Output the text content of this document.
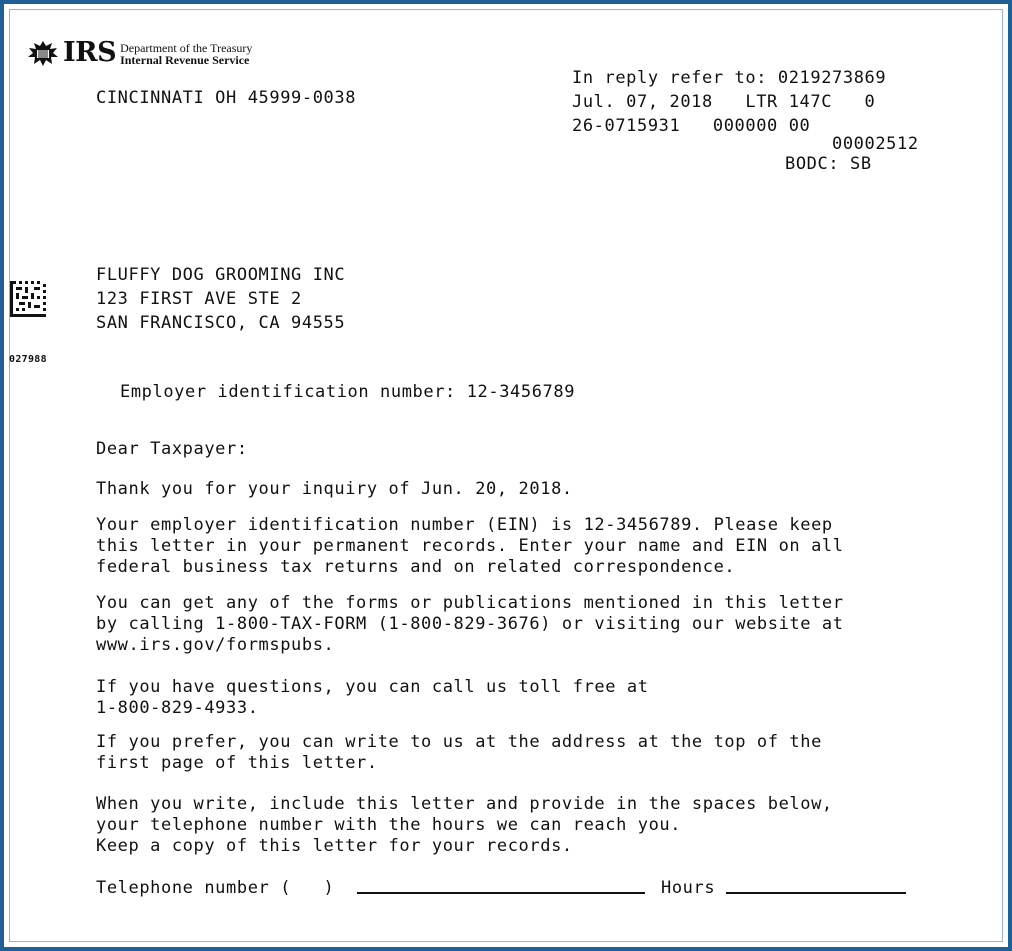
IRS Department of the Treasury
Internal Revenue Service
CINCINNATI OH 45999-0038
In reply refer to: 0219273869
Jul. 07, 2018   LTR 147C   0
26-0715931   000000 00
00002512
BODC: SB
027988
FLUFFY DOG GROOMING INC
123 FIRST AVE STE 2
SAN FRANCISCO, CA 94555
Employer identification number: 12-3456789
Dear Taxpayer:
Thank you for your inquiry of Jun. 20, 2018.
Your employer identification number (EIN) is 12-3456789. Please keep
this letter in your permanent records. Enter your name and EIN on all
federal business tax returns and on related correspondence.
You can get any of the forms or publications mentioned in this letter
by calling 1-800-TAX-FORM (1-800-829-3676) or visiting our website at
www.irs.gov/formspubs.
If you have questions, you can call us toll free at
1-800-829-4933.
If you prefer, you can write to us at the address at the top of the
first page of this letter.
When you write, include this letter and provide in the spaces below,
your telephone number with the hours we can reach you.
Keep a copy of this letter for your records.
Telephone number (   )	Hours
